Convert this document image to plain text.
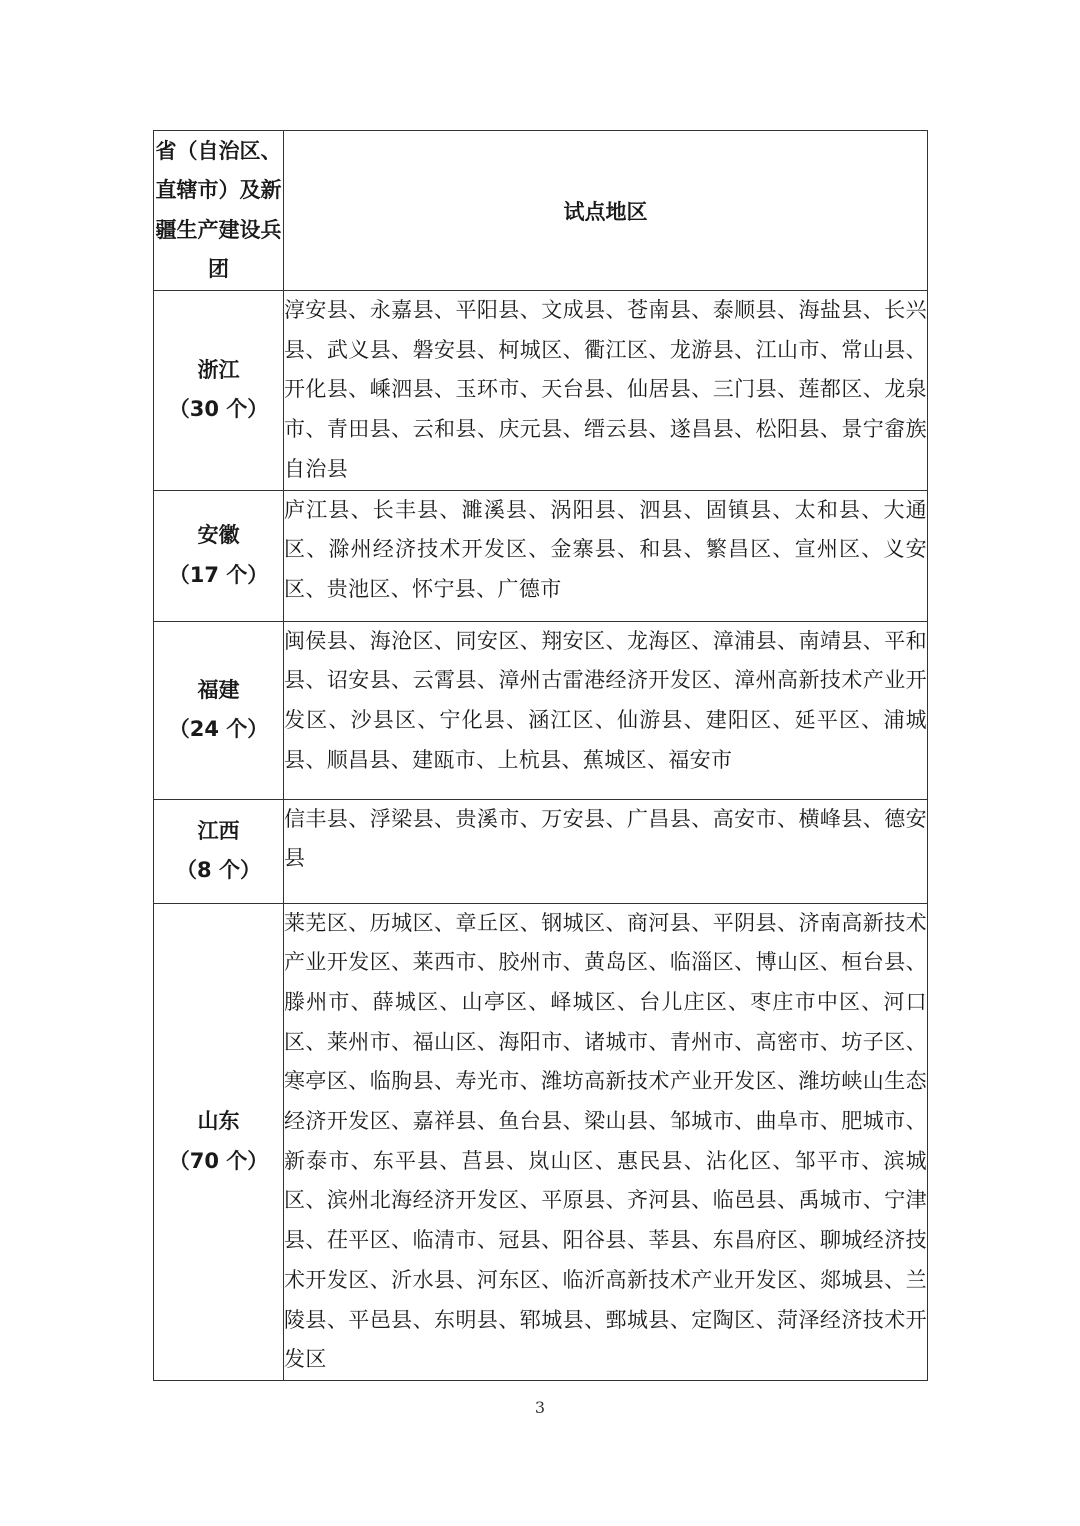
省（自治区、直辖市）及新疆生产建设兵团	试点地区

浙江
（30 个）	淳安县、永嘉县、平阳县、文成县、苍南县、泰顺县、海盐县、长兴县、武义县、磐安县、柯城区、衢江区、龙游县、江山市、常山县、开化县、嵊泗县、玉环市、天台县、仙居县、三门县、莲都区、龙泉市、青田县、云和县、庆元县、缙云县、遂昌县、松阳县、景宁畲族自治县

安徽
（17 个）	庐江县、长丰县、濉溪县、涡阳县、泗县、固镇县、太和县、大通区、滁州经济技术开发区、金寨县、和县、繁昌区、宣州区、义安区、贵池区、怀宁县、广德市

福建
（24 个）	闽侯县、海沧区、同安区、翔安区、龙海区、漳浦县、南靖县、平和县、诏安县、云霄县、漳州古雷港经济开发区、漳州高新技术产业开发区、沙县区、宁化县、涵江区、仙游县、建阳区、延平区、浦城县、顺昌县、建瓯市、上杭县、蕉城区、福安市

江西
（8 个）	信丰县、浮梁县、贵溪市、万安县、广昌县、高安市、横峰县、德安县

山东
（70 个）	莱芜区、历城区、章丘区、钢城区、商河县、平阴县、济南高新技术产业开发区、莱西市、胶州市、黄岛区、临淄区、博山区、桓台县、滕州市、薛城区、山亭区、峄城区、台儿庄区、枣庄市中区、河口区、莱州市、福山区、海阳市、诸城市、青州市、高密市、坊子区、寒亭区、临朐县、寿光市、潍坊高新技术产业开发区、潍坊峡山生态经济开发区、嘉祥县、鱼台县、梁山县、邹城市、曲阜市、肥城市、新泰市、东平县、莒县、岚山区、惠民县、沾化区、邹平市、滨城区、滨州北海经济开发区、平原县、齐河县、临邑县、禹城市、宁津县、茌平区、临清市、冠县、阳谷县、莘县、东昌府区、聊城经济技术开发区、沂水县、河东区、临沂高新技术产业开发区、郯城县、兰陵县、平邑县、东明县、郓城县、鄄城县、定陶区、菏泽经济技术开发区
3
